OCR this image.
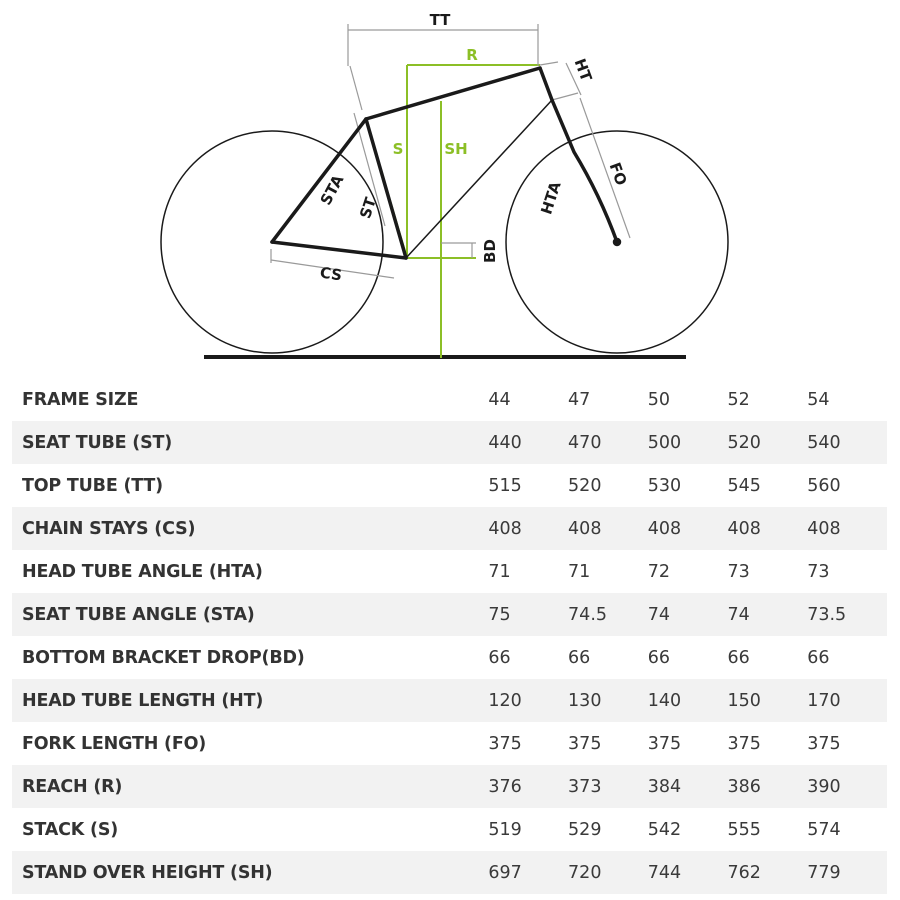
TT
R
S	SH
CS
HT
FO
HTA
STA ST
BD
FRAME SIZE	44	47	50	52	54
SEAT TUBE (ST)	440	470	500	520	540
TOP TUBE (TT)	515	520	530	545	560
CHAIN STAYS (CS)	408	408	408	408	408
HEAD TUBE ANGLE (HTA)	71	71	72	73	73
SEAT TUBE ANGLE (STA)	75	74.5	74	74	73.5
BOTTOM BRACKET DROP(BD)	66	66	66	66	66
HEAD TUBE LENGTH (HT)	120	130	140	150	170
FORK LENGTH (FO)	375	375	375	375	375
REACH (R)	376	373	384	386	390
STACK (S)	519	529	542	555	574
STAND OVER HEIGHT (SH)	697	720	744	762	779
